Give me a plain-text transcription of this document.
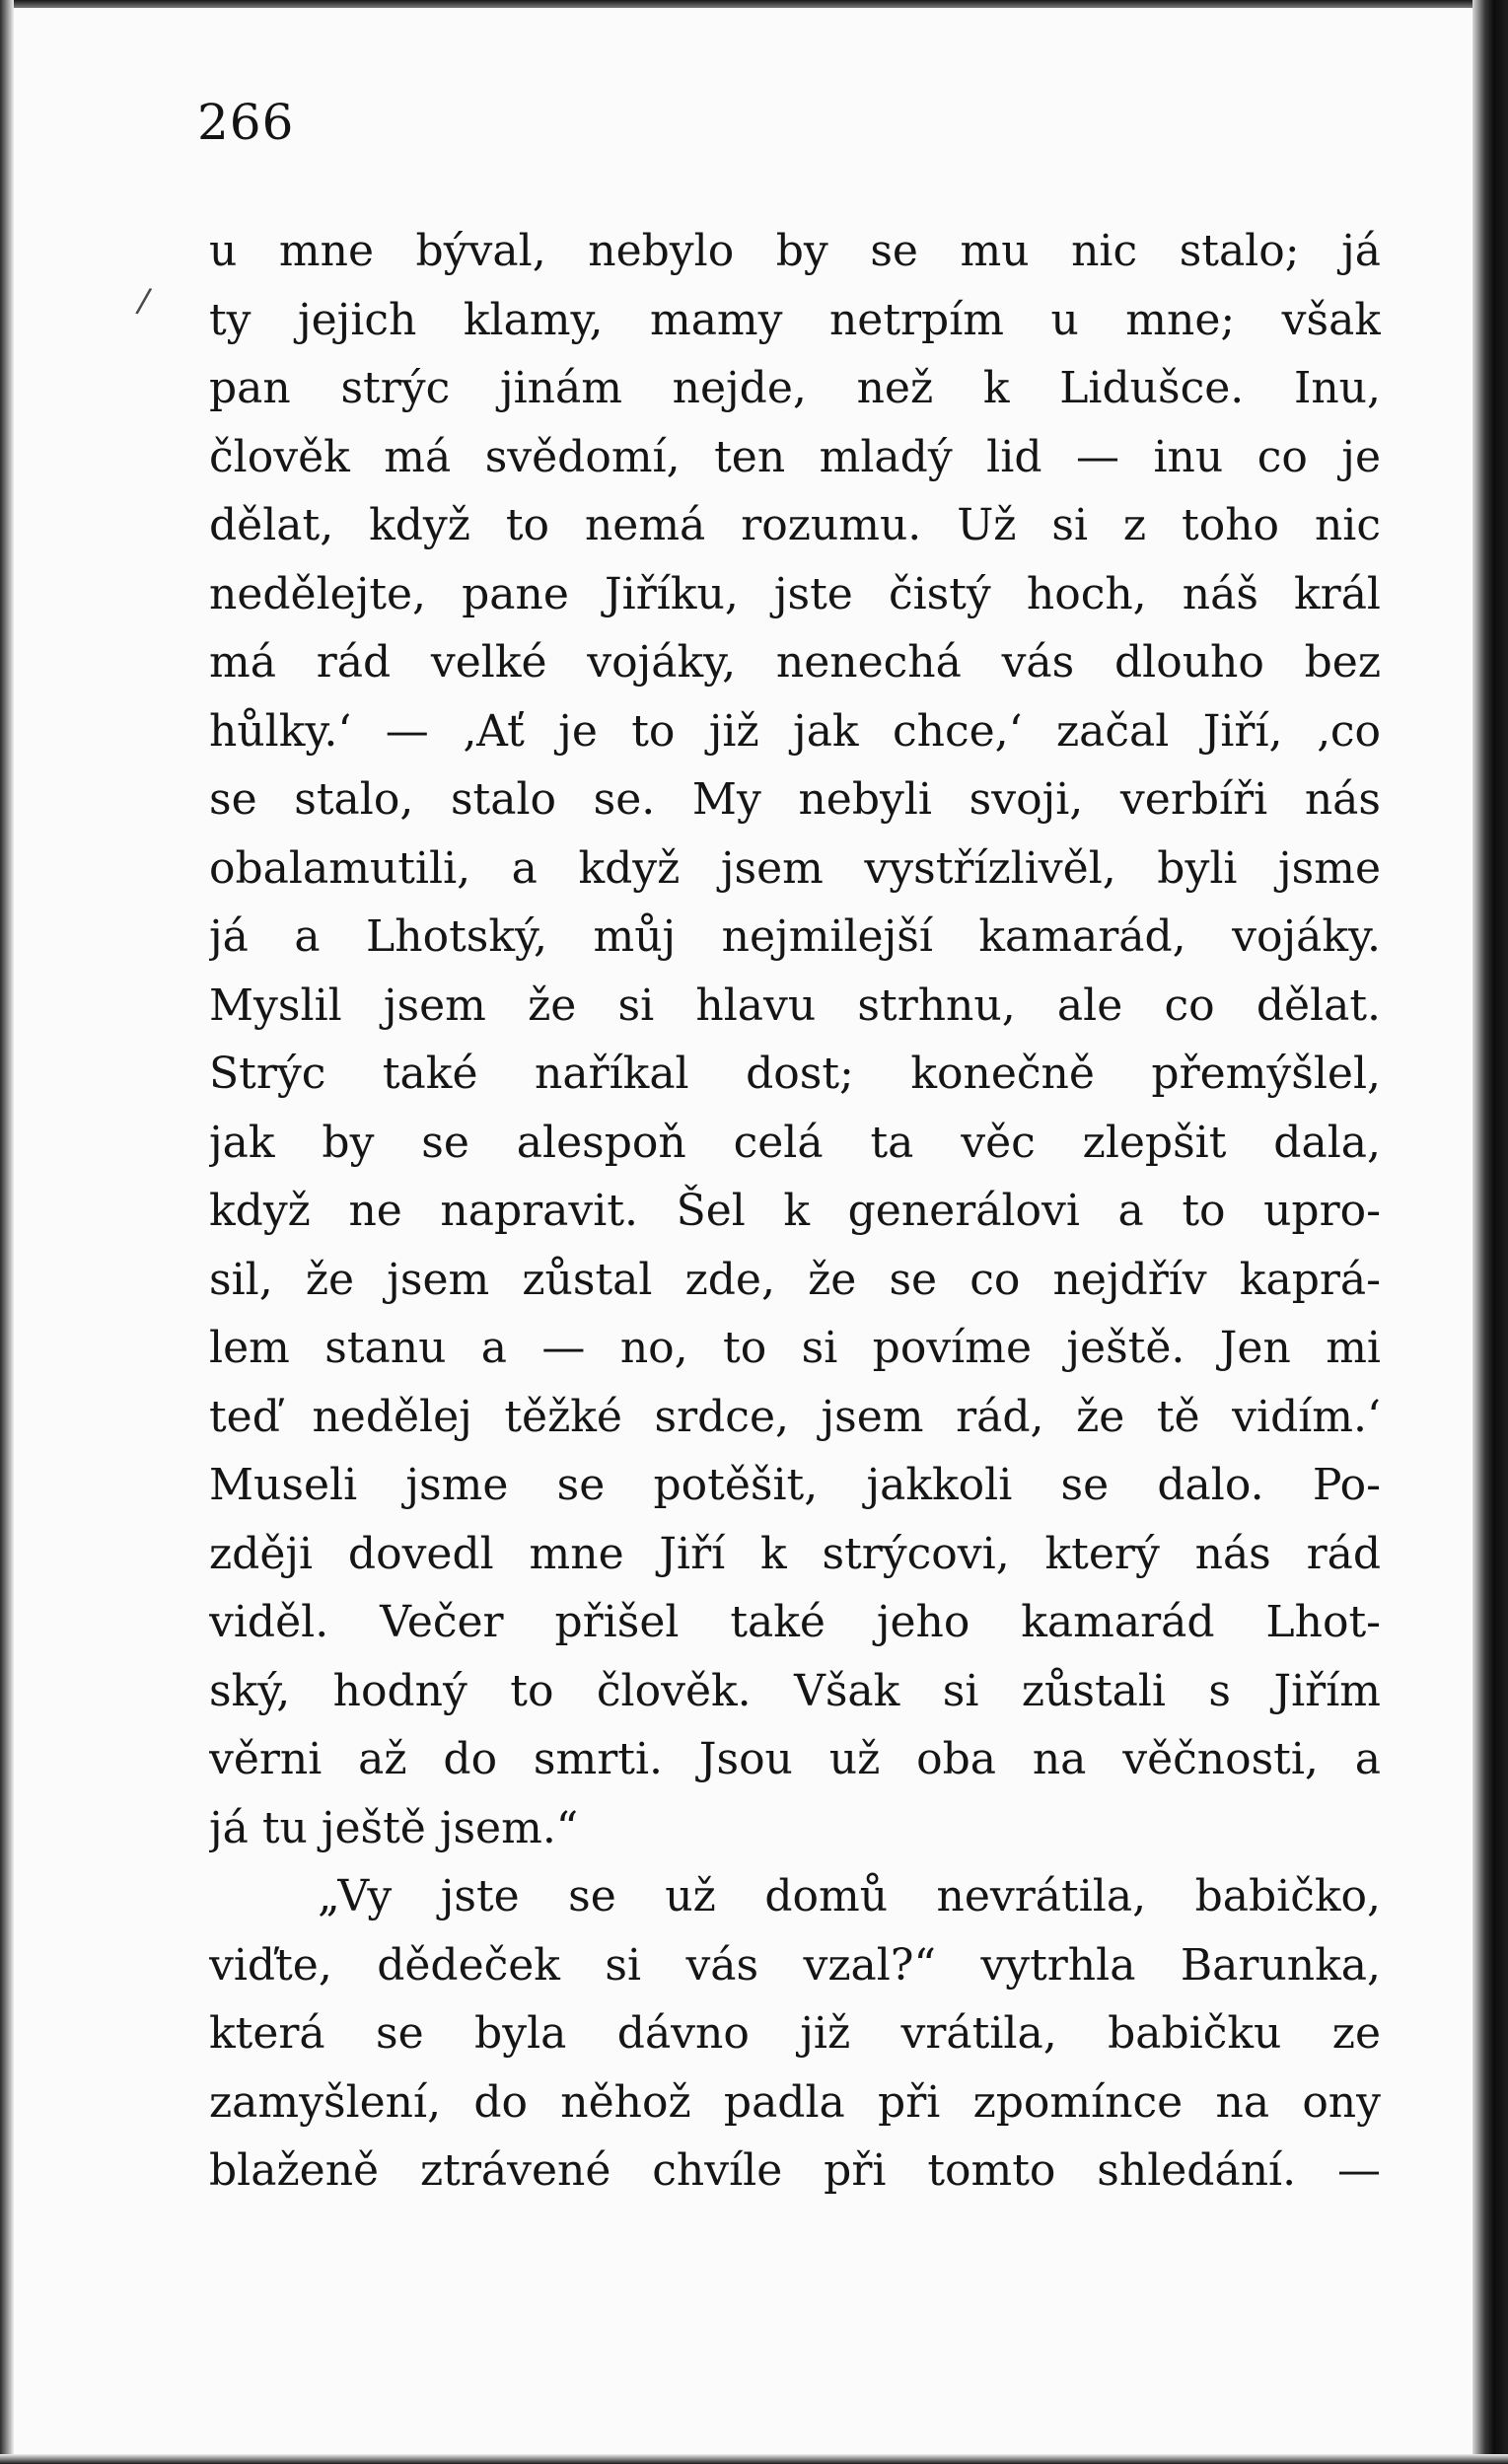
266
u mne býval, nebylo by se mu nic stalo; já
ty jejich klamy, mamy netrpím u mne; však
pan strýc jinám nejde, než k Lidušce. Inu,
člověk má svědomí, ten mladý lid — inu co je
dělat, když to nemá rozumu. Už si z toho nic
nedělejte, pane Jiříku, jste čistý hoch, náš král
má rád velké vojáky, nenechá vás dlouho bez
hůlky.‘ — ‚Ať je to již jak chce,‘ začal Jiří, ‚co
se stalo, stalo se. My nebyli svoji, verbíři nás
obalamutili, a když jsem vystřízlivěl, byli jsme
já a Lhotský, můj nejmilejší kamarád, vojáky.
Myslil jsem že si hlavu strhnu, ale co dělat.
Strýc také naříkal dost; konečně přemýšlel,
jak by se alespoň celá ta věc zlepšit dala,
když ne napravit. Šel k generálovi a to upro-
sil, že jsem zůstal zde, že se co nejdřív kaprá-
lem stanu a — no, to si povíme ještě. Jen mi
teď nedělej těžké srdce, jsem rád, že tě vidím.‘
Museli jsme se potěšit, jakkoli se dalo. Po-
zději dovedl mne Jiří k strýcovi, který nás rád
viděl. Večer přišel také jeho kamarád Lhot-
ský, hodný to člověk. Však si zůstali s Jiřím
věrni až do smrti. Jsou už oba na věčnosti, a
já tu ještě jsem.“
„Vy jste se už domů nevrátila, babičko,
viďte, dědeček si vás vzal?“ vytrhla Barunka,
která se byla dávno již vrátila, babičku ze
zamyšlení, do něhož padla při zpomínce na ony
blaženě ztrávené chvíle při tomto shledání. —
/
